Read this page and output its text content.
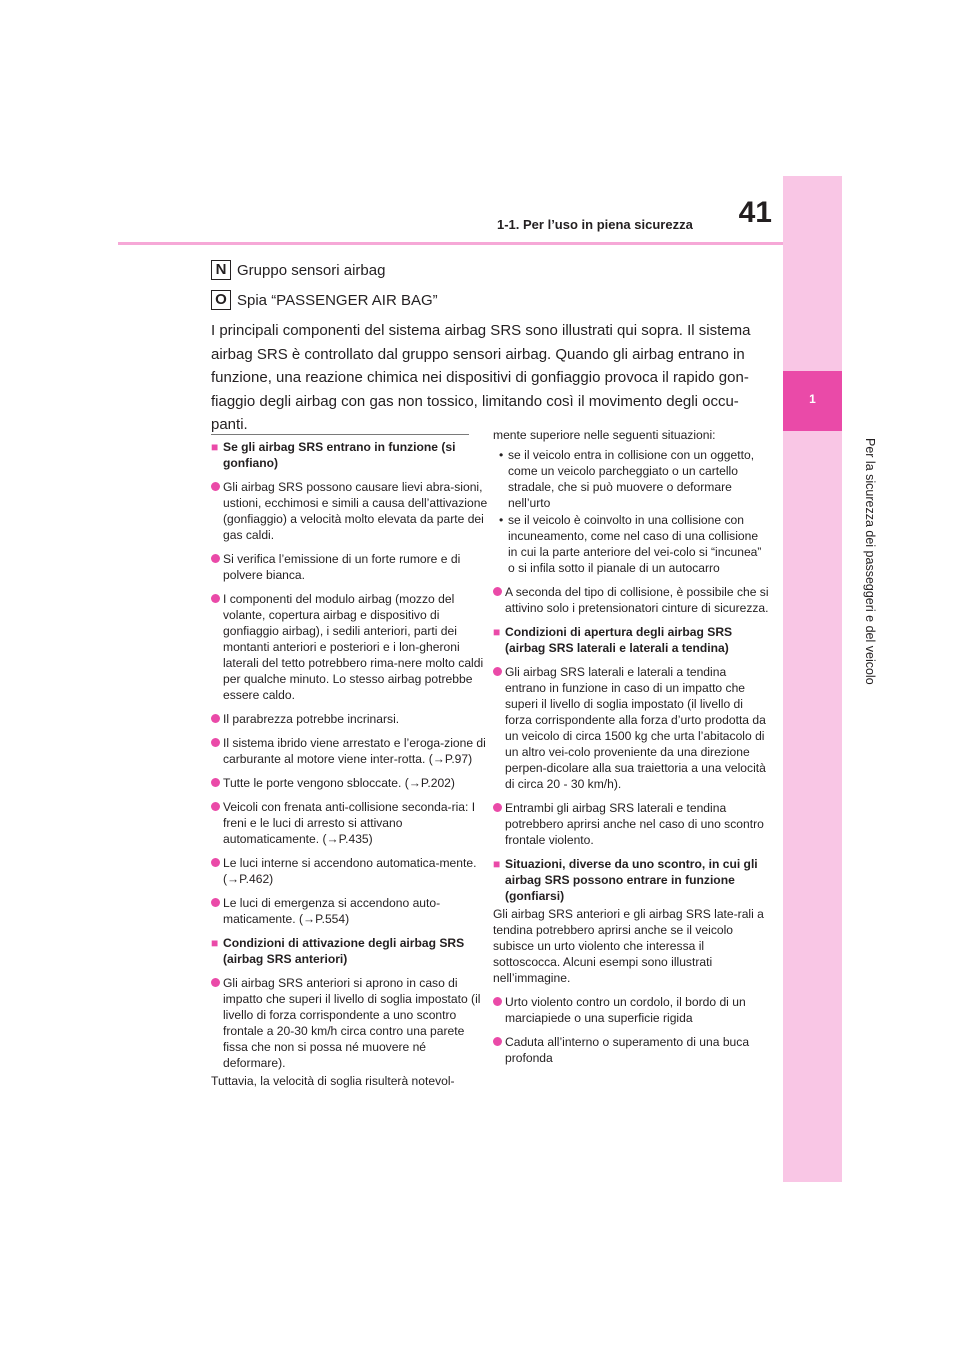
1-1. Per l’uso in piena sicurezza	41
1
Per la sicurezza dei passeggeri e del veicolo
N Gruppo sensori airbag
O Spia “PASSENGER AIR BAG”
I principali componenti del sistema airbag SRS sono illustrati qui sopra. Il sistema airbag SRS è controllato dal gruppo sensori airbag. Quando gli airbag entrano in funzione, una reazione chimica nei dispositivi di gonfiaggio provoca il rapido gon-fiaggio degli airbag con gas non tossico, limitando così il movimento degli occu-panti.
■ Se gli airbag SRS entrano in funzione (si gonfiano)
Gli airbag SRS possono causare lievi abra-sioni, ustioni, ecchimosi e simili a causa dell’attivazione (gonfiaggio) a velocità molto elevata da parte dei gas caldi.
Si verifica l’emissione di un forte rumore e di polvere bianca.
I componenti del modulo airbag (mozzo del volante, copertura airbag e dispositivo di gonfiaggio airbag), i sedili anteriori, parti dei montanti anteriori e posteriori e i lon-gheroni laterali del tetto potrebbero rima-nere molto caldi per qualche minuto. Lo stesso airbag potrebbe essere caldo.
Il parabrezza potrebbe incrinarsi.
Il sistema ibrido viene arrestato e l’eroga-zione di carburante al motore viene inter-rotta. (→P.97)
Tutte le porte vengono sbloccate. (→P.202)
Veicoli con frenata anti-collisione seconda-ria: I freni e le luci di arresto si attivano automaticamente. (→P.435)
Le luci interne si accendono automatica-mente. (→P.462)
Le luci di emergenza si accendono auto-maticamente. (→P.554)
■ Condizioni di attivazione degli airbag SRS (airbag SRS anteriori)
Gli airbag SRS anteriori si aprono in caso di impatto che superi il livello di soglia impostato (il livello di forza corrispondente a uno scontro frontale a 20-30 km/h circa contro una parete fissa che non si possa né muovere né deformare).
Tuttavia, la velocità di soglia risulterà notevol-
mente superiore nelle seguenti situazioni:
• se il veicolo entra in collisione con un oggetto, come un veicolo parcheggiato o un cartello stradale, che si può muovere o deformare nell’urto
• se il veicolo è coinvolto in una collisione con incuneamento, come nel caso di una collisione in cui la parte anteriore del vei-colo si “incunea” o si infila sotto il pianale di un autocarro
A seconda del tipo di collisione, è possibile che si attivino solo i pretensionatori cinture di sicurezza.
■ Condizioni di apertura degli airbag SRS (airbag SRS laterali e laterali a tendina)
Gli airbag SRS laterali e laterali a tendina entrano in funzione in caso di un impatto che superi il livello di soglia impostato (il livello di forza corrispondente alla forza d’urto prodotta da un veicolo di circa 1500 kg che urta l’abitacolo di un altro vei-colo proveniente da una direzione perpen-dicolare alla sua traiettoria a una velocità di circa 20 - 30 km/h).
Entrambi gli airbag SRS laterali e tendina potrebbero aprirsi anche nel caso di uno scontro frontale violento.
■ Situazioni, diverse da uno scontro, in cui gli airbag SRS possono entrare in funzione (gonfiarsi)
Gli airbag SRS anteriori e gli airbag SRS late-rali a tendina potrebbero aprirsi anche se il veicolo subisce un urto violento che interessa il sottoscocca. Alcuni esempi sono illustrati nell’immagine.
Urto violento contro un cordolo, il bordo di un marciapiede o una superficie rigida
Caduta all’interno o superamento di una buca profonda
